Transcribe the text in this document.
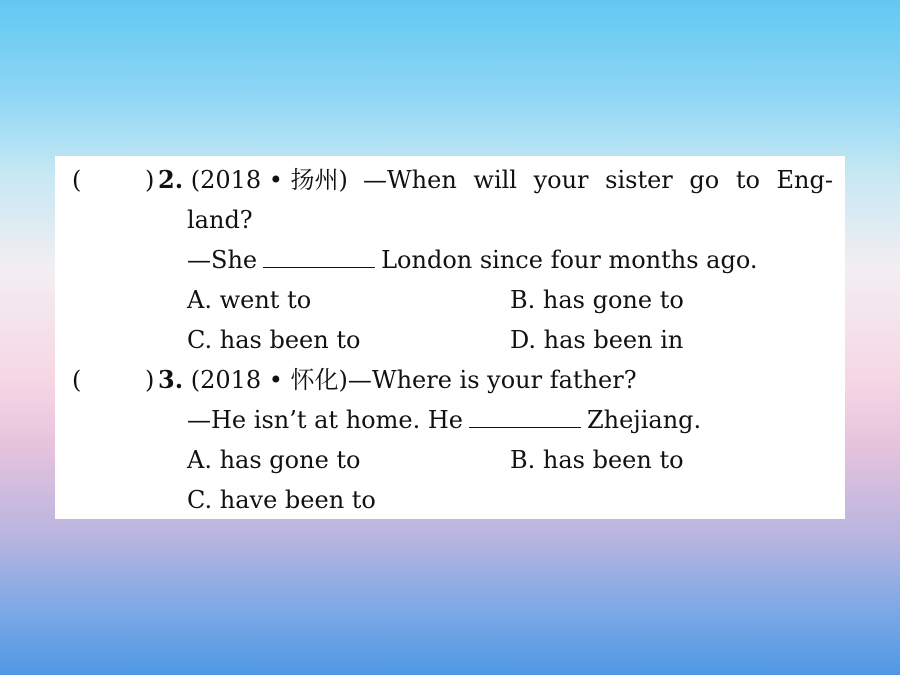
(	) 2. (2018 • 扬州) —When will your sister go to Eng-
land?
—She	London since four months ago.
A. went to	B. has gone to
C. has been to	D. has been in
(	) 3. (2018 • 怀化)—Where is your father?
—He isn’t at home. He	Zhejiang.
A. has gone to	B. has been to
C. have been to
